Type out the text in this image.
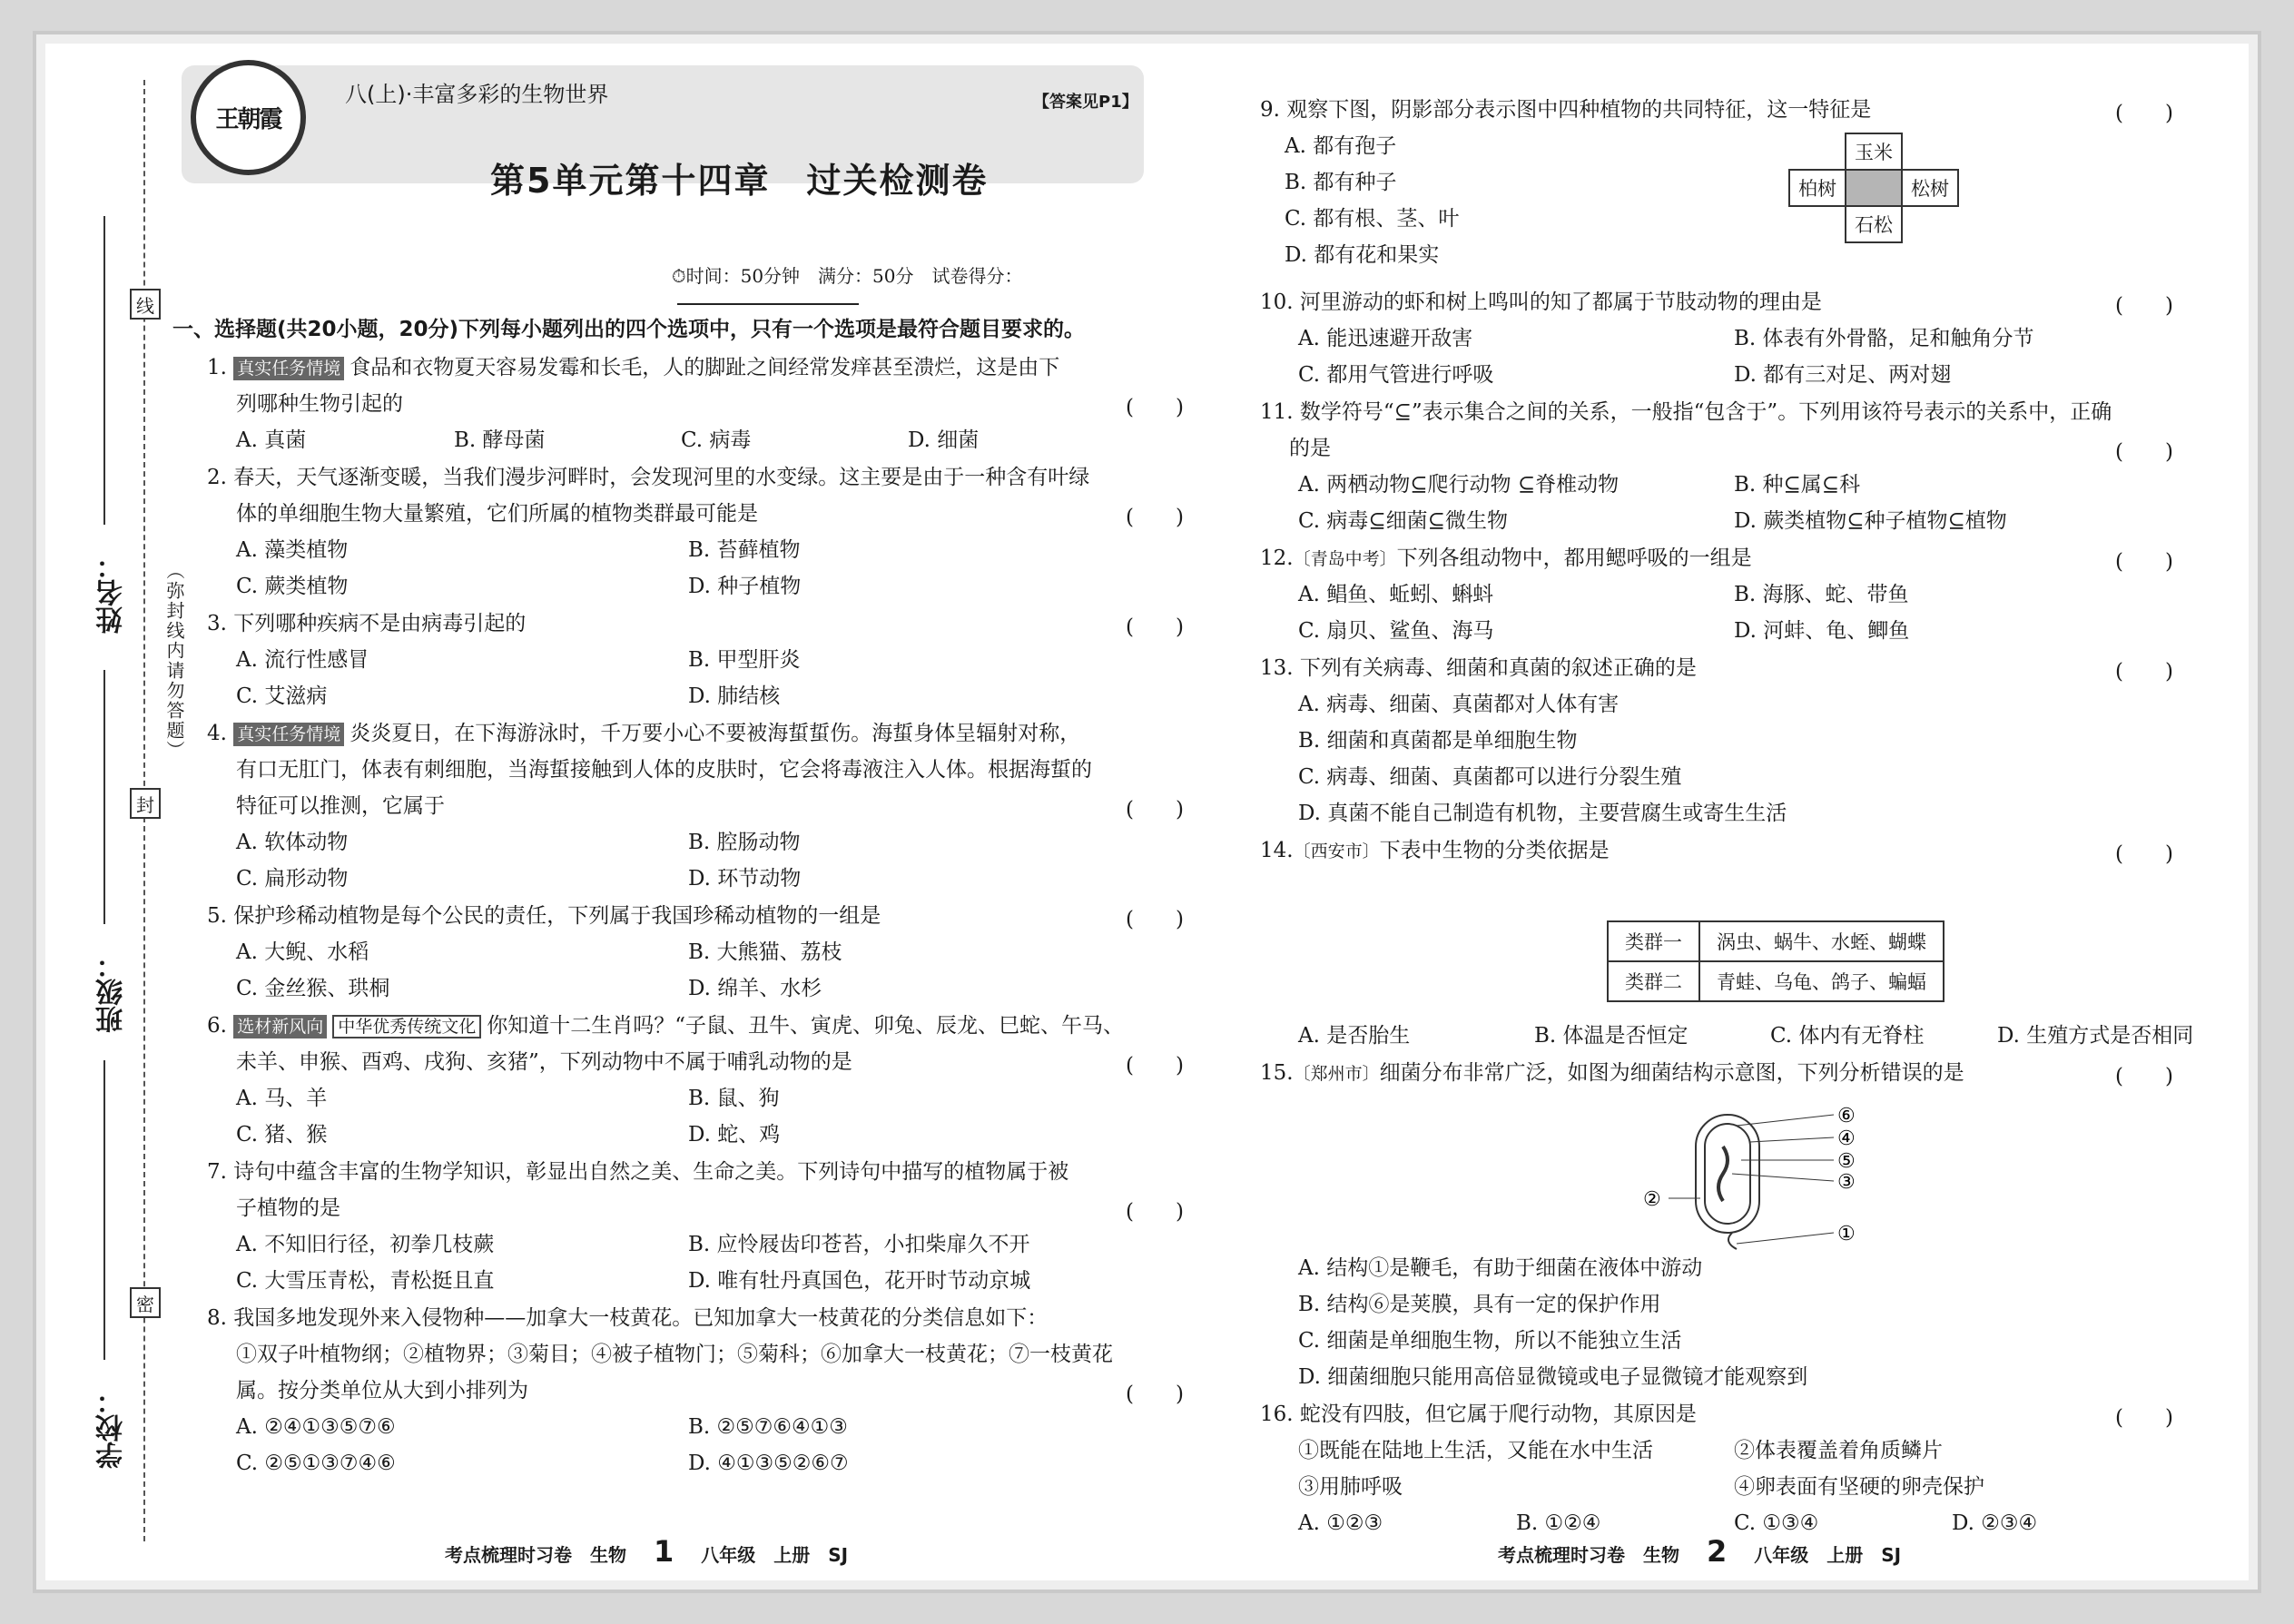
姓名：
班级：
学校：
线
封
密
（弥封线内请勿答题）
王朝霞
八(上)·丰富多彩的生物世界	【答案见P1】
第5单元第十四章　过关检测卷
⏱时间：50分钟　满分：50分　试卷得分：
一、选择题(共20小题，20分)下列每小题列出的四个选项中，只有一个选项是最符合题目要求的。
1. 真实任务情境 食品和衣物夏天容易发霉和长毛，人的脚趾之间经常发痒甚至溃烂，这是由下
列哪种生物引起的	(　　)
A. 真菌	B. 酵母菌	C. 病毒	D. 细菌
2. 春天，天气逐渐变暖，当我们漫步河畔时，会发现河里的水变绿。这主要是由于一种含有叶绿
体的单细胞生物大量繁殖，它们所属的植物类群最可能是	(　　)
A. 藻类植物	B. 苔藓植物
C. 蕨类植物	D. 种子植物
3. 下列哪种疾病不是由病毒引起的	(　　)
A. 流行性感冒	B. 甲型肝炎
C. 艾滋病	D. 肺结核
4. 真实任务情境 炎炎夏日，在下海游泳时，千万要小心不要被海蜇蜇伤。海蜇身体呈辐射对称，
有口无肛门，体表有刺细胞，当海蜇接触到人体的皮肤时，它会将毒液注入人体。根据海蜇的
特征可以推测，它属于	(　　)
A. 软体动物	B. 腔肠动物
C. 扁形动物	D. 环节动物
5. 保护珍稀动植物是每个公民的责任，下列属于我国珍稀动植物的一组是	(　　)
A. 大鲵、水稻	B. 大熊猫、荔枝
C. 金丝猴、珙桐	D. 绵羊、水杉
6. 选材新风向 中华优秀传统文化 你知道十二生肖吗？“子鼠、丑牛、寅虎、卯兔、辰龙、巳蛇、午马、
未羊、申猴、酉鸡、戌狗、亥猪”，下列动物中不属于哺乳动物的是	(　　)
A. 马、羊	B. 鼠、狗
C. 猪、猴	D. 蛇、鸡
7. 诗句中蕴含丰富的生物学知识，彰显出自然之美、生命之美。下列诗句中描写的植物属于被
子植物的是	(　　)
A. 不知旧行径，初拳几枝蕨	B. 应怜屐齿印苍苔，小扣柴扉久不开
C. 大雪压青松，青松挺且直	D. 唯有牡丹真国色，花开时节动京城
8. 我国多地发现外来入侵物种——加拿大一枝黄花。已知加拿大一枝黄花的分类信息如下：
①双子叶植物纲；②植物界；③菊目；④被子植物门；⑤菊科；⑥加拿大一枝黄花；⑦一枝黄花
属。按分类单位从大到小排列为	(　　)
A. ②④①③⑤⑦⑥	B. ②⑤⑦⑥④①③
C. ②⑤①③⑦④⑥	D. ④①③⑤②⑥⑦
考点梳理时习卷　生物 1 八年级　上册　SJ
9. 观察下图，阴影部分表示图中四种植物的共同特征，这一特征是	(　　)
A. 都有孢子
B. 都有种子
C. 都有根、茎、叶
D. 都有花和果实
玉米
柏树	松树
石松
10. 河里游动的虾和树上鸣叫的知了都属于节肢动物的理由是	(　　)
A. 能迅速避开敌害	B. 体表有外骨骼，足和触角分节
C. 都用气管进行呼吸	D. 都有三对足、两对翅
11. 数学符号“⊆”表示集合之间的关系，一般指“包含于”。下列用该符号表示的关系中，正确
的是	(　　)
A. 两栖动物⊆爬行动物 ⊆脊椎动物	B. 种⊆属⊆科
C. 病毒⊆细菌⊆微生物	D. 蕨类植物⊆种子植物⊆植物
12.〔青岛中考〕下列各组动物中，都用鳃呼吸的一组是	(　　)
A. 鲳鱼、蚯蚓、蝌蚪	B. 海豚、蛇、带鱼
C. 扇贝、鲨鱼、海马	D. 河蚌、龟、鲫鱼
13. 下列有关病毒、细菌和真菌的叙述正确的是	(　　)
A. 病毒、细菌、真菌都对人体有害
B. 细菌和真菌都是单细胞生物
C. 病毒、细菌、真菌都可以进行分裂生殖
D. 真菌不能自己制造有机物，主要营腐生或寄生生活
14.〔西安市〕下表中生物的分类依据是	(　　)
类群一	涡虫、蜗牛、水蛭、蝴蝶
类群二	青蛙、乌龟、鸽子、蝙蝠
A. 是否胎生	B. 体温是否恒定	C. 体内有无脊柱	D. 生殖方式是否相同
15.〔郑州市〕细菌分布非常广泛，如图为细菌结构示意图，下列分析错误的是	(　　)
⑥
④
⑤
③
①
②
A. 结构①是鞭毛，有助于细菌在液体中游动
B. 结构⑥是荚膜，具有一定的保护作用
C. 细菌是单细胞生物，所以不能独立生活
D. 细菌细胞只能用高倍显微镜或电子显微镜才能观察到
16. 蛇没有四肢，但它属于爬行动物，其原因是	(　　)
①既能在陆地上生活，又能在水中生活	②体表覆盖着角质鳞片
③用肺呼吸	④卵表面有坚硬的卵壳保护
A. ①②③	B. ①②④	C. ①③④	D. ②③④
考点梳理时习卷　生物 2 八年级　上册　SJ
